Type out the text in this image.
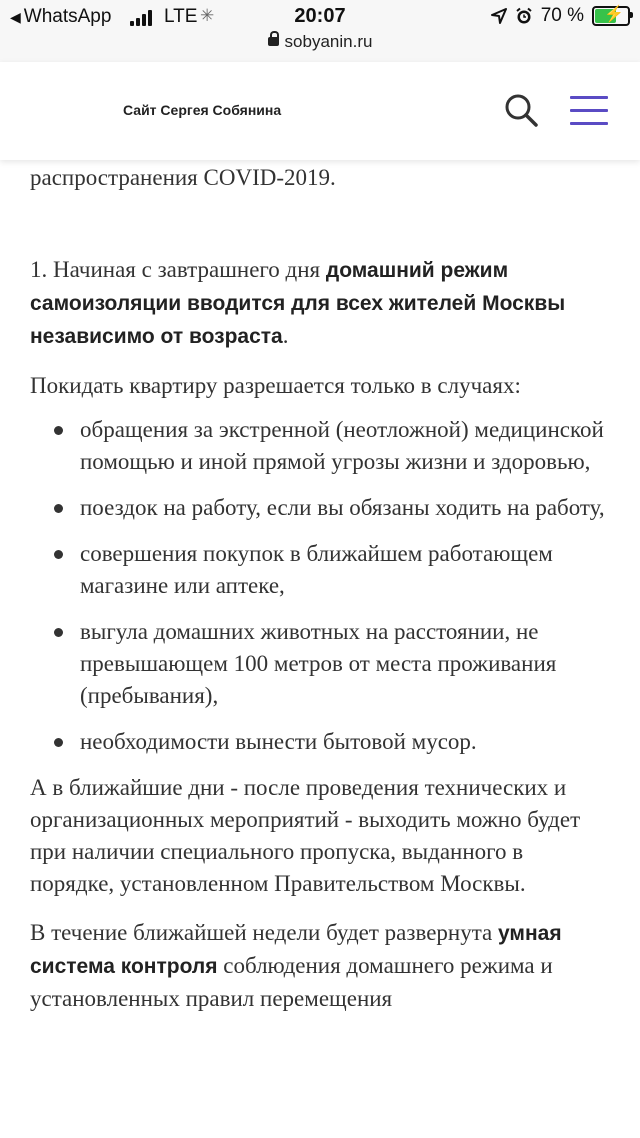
◀ WhatsApp	LTE ✳	20:07	70 % ⚡
sobyanin.ru
Сайт Сергея Собянина

распространения COVID-2019.

1. Начиная с завтрашнего дня домашний режим самоизоляции вводится для всех жителей Москвы независимо от возраста.

Покидать квартиру разрешается только в случаях:

обращения за экстренной (неотложной) медицинской помощью и иной прямой угрозы жизни и здоровью,
поездок на работу, если вы обязаны ходить на работу,
совершения покупок в ближайшем работающем магазине или аптеке,
выгула домашних животных на расстоянии, не превышающем 100 метров от места проживания (пребывания),
необходимости вынести бытовой мусор.

А в ближайшие дни - после проведения технических и организационных мероприятий - выходить можно будет при наличии специального пропуска, выданного в порядке, установленном Правительством Москвы.

В течение ближайшей недели будет развернута умная система контроля соблюдения домашнего режима и установленных правил перемещения
